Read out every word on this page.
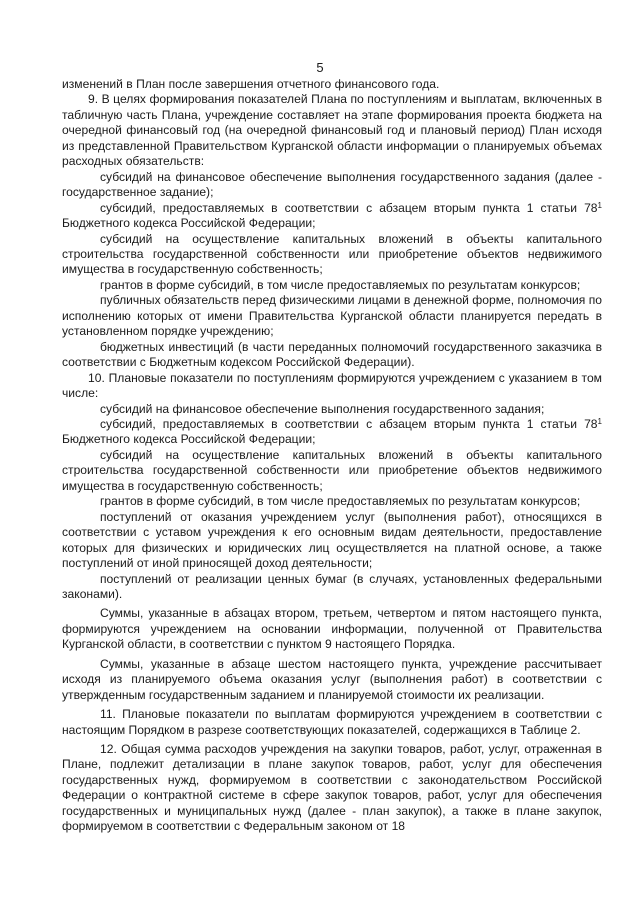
5

изменений в План после завершения отчетного финансового года.

9. В целях формирования показателей Плана по поступлениям и выплатам, включенных в табличную часть Плана, учреждение составляет на этапе формирования проекта бюджета на очередной финансовый год (на очередной финансовый год и плановый период) План исходя из представленной Правительством Курганской области информации о планируемых объемах расходных обязательств:

субсидий на финансовое обеспечение выполнения государственного задания (далее - государственное задание);

субсидий, предоставляемых в соответствии с абзацем вторым пункта 1 статьи $78^1$ Бюджетного кодекса Российской Федерации;

субсидий на осуществление капитальных вложений в объекты капитального строительства государственной собственности или приобретение объектов недвижимого имущества в государственную собственность;

грантов в форме субсидий, в том числе предоставляемых по результатам конкурсов;

публичных обязательств перед физическими лицами в денежной форме, полномочия по исполнению которых от имени Правительства Курганской области планируется передать в установленном порядке учреждению;

бюджетных инвестиций (в части переданных полномочий государственного заказчика в соответствии с Бюджетным кодексом Российской Федерации).

10. Плановые показатели по поступлениям формируются учреждением с указанием в том числе:

субсидий на финансовое обеспечение выполнения государственного задания;

субсидий, предоставляемых в соответствии с абзацем вторым пункта 1 статьи $78^1$ Бюджетного кодекса Российской Федерации;

субсидий на осуществление капитальных вложений в объекты капитального строительства государственной собственности или приобретение объектов недвижимого имущества в государственную собственность;

грантов в форме субсидий, в том числе предоставляемых по результатам конкурсов;

поступлений от оказания учреждением услуг (выполнения работ), относящихся в соответствии с уставом учреждения к его основным видам деятельности, предоставление которых для физических и юридических лиц осуществляется на платной основе, а также поступлений от иной приносящей доход деятельности;

поступлений от реализации ценных бумаг (в случаях, установленных федеральными законами).

Суммы, указанные в абзацах втором, третьем, четвертом и пятом настоящего пункта, формируются учреждением на основании информации, полученной от Правительства Курганской области, в соответствии с пунктом 9 настоящего Порядка.

Суммы, указанные в абзаце шестом настоящего пункта, учреждение рассчитывает исходя из планируемого объема оказания услуг (выполнения работ) в соответствии с утвержденным государственным заданием и планируемой стоимости их реализации.

11. Плановые показатели по выплатам формируются учреждением в соответствии с настоящим Порядком в разрезе соответствующих показателей, содержащихся в Таблице 2.

12. Общая сумма расходов учреждения на закупки товаров, работ, услуг, отраженная в Плане, подлежит детализации в плане закупок товаров, работ, услуг для обеспечения государственных нужд, формируемом в соответствии с законодательством Российской Федерации о контрактной системе в сфере закупок товаров, работ, услуг для обеспечения государственных и муниципальных нужд (далее - план закупок), а также в плане закупок, формируемом в соответствии с Федеральным законом от 18
